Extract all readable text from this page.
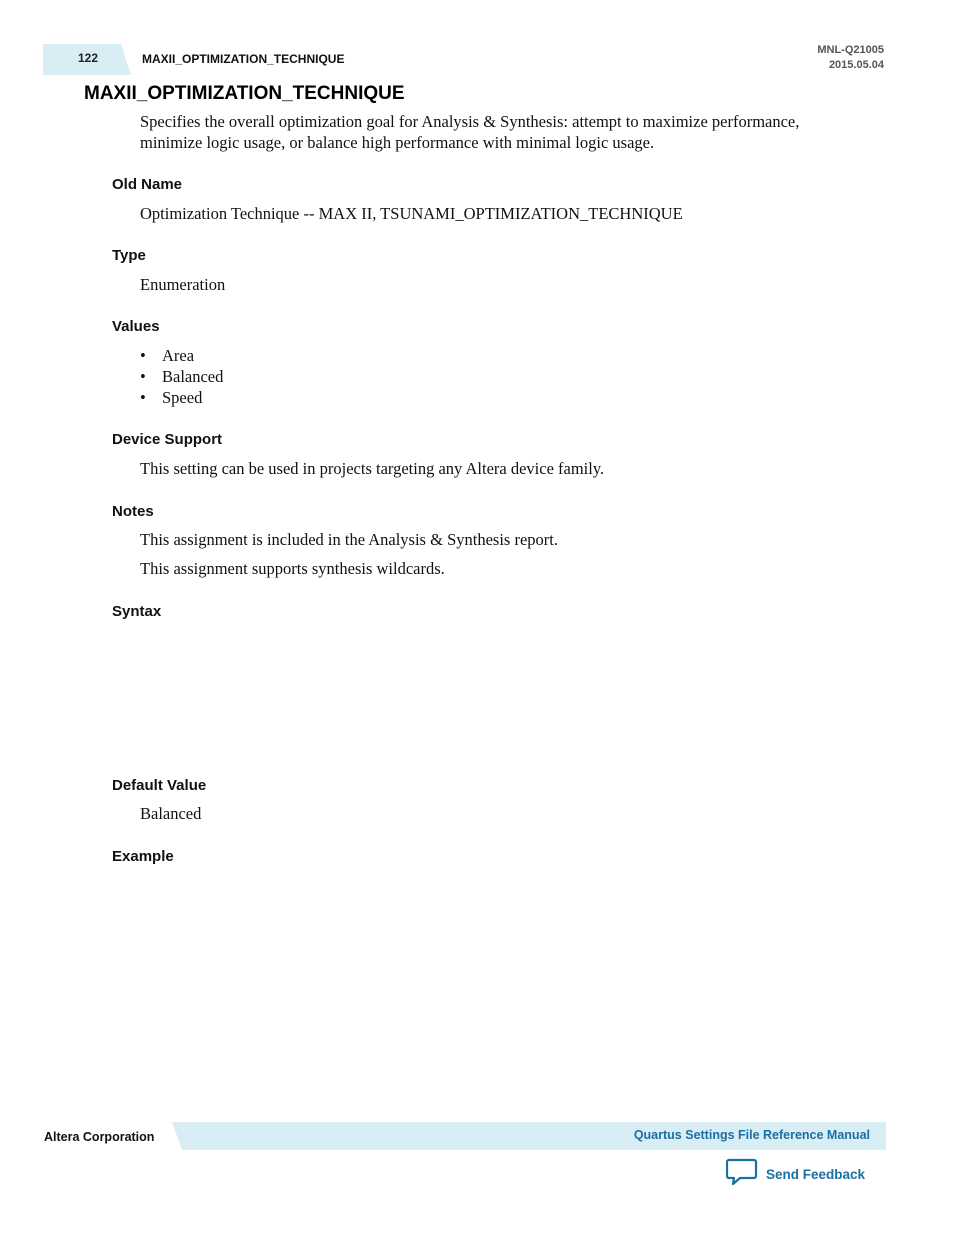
122	MAXII_OPTIMIZATION_TECHNIQUE
MNL-Q21005
2015.05.04
MAXII_OPTIMIZATION_TECHNIQUE
Specifies the overall optimization goal for Analysis & Synthesis: attempt to maximize performance,
minimize logic usage, or balance high performance with minimal logic usage.
Old Name
Optimization Technique -- MAX II, TSUNAMI_OPTIMIZATION_TECHNIQUE
Type
Enumeration
Values
• Area
• Balanced
• Speed
Device Support
This setting can be used in projects targeting any Altera device family.
Notes
This assignment is included in the Analysis & Synthesis report.
This assignment supports synthesis wildcards.
Syntax
Default Value
Balanced
Example
Altera Corporation	Quartus Settings File Reference Manual
Send Feedback
